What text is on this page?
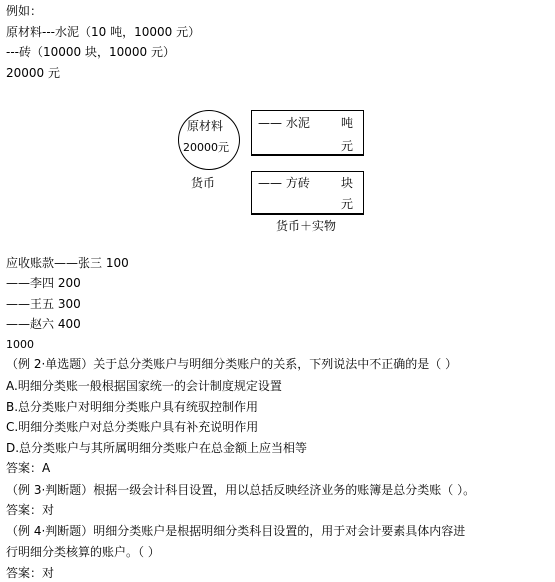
例如：
原材料---水泥（10 吨，10000 元）
---砖（10000 块，10000 元）
20000 元
原材料
20000元
货币
—— 水泥	吨
元
—— 方砖	块
元
货币＋实物
应收账款——张三 100
——李四 200
——王五 300
——赵六 400
1000
（例 2·单选题）关于总分类账户与明细分类账户的关系，下列说法中不正确的是（ ）
A.明细分类账一般根据国家统一的会计制度规定设置
B.总分类账户对明细分类账户具有统驭控制作用
C.明细分类账户对总分类账户具有补充说明作用
D.总分类账户与其所属明细分类账户在总金额上应当相等
答案：A
（例 3·判断题）根据一级会计科目设置，用以总括反映经济业务的账簿是总分类账（ ）。
答案：对
（例 4·判断题）明细分类账户是根据明细分类科目设置的，用于对会计要素具体内容进
行明细分类核算的账户。（ ）
答案：对
